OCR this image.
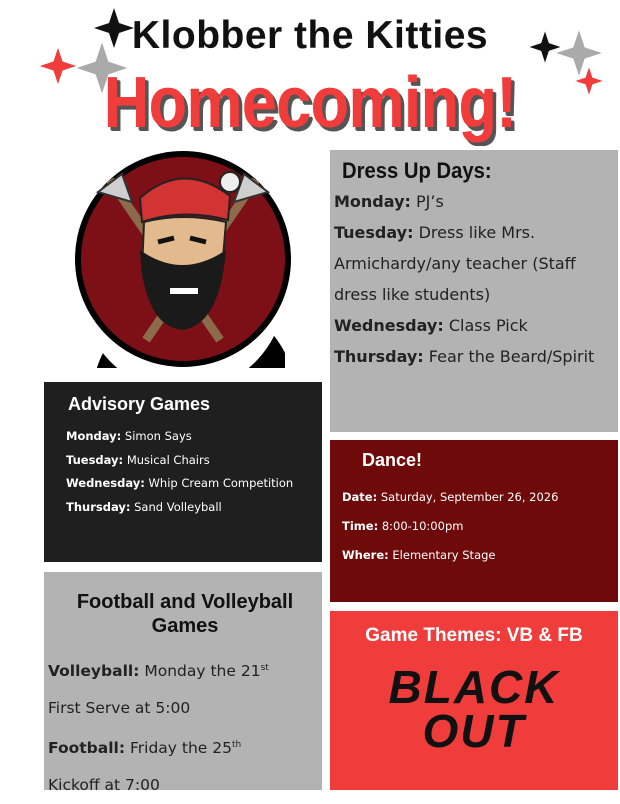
Klobber the Kitties
Homecoming!
Dress Up Days:
Monday: PJ’s
Tuesday: Dress like Mrs. Armichardy/any teacher (Staff dress like students)
Wednesday: Class Pick
Thursday: Fear the Beard/Spirit
Advisory Games
Monday: Simon Says
Tuesday: Musical Chairs
Wednesday: Whip Cream Competition
Thursday: Sand Volleyball
Dance!
Date: Saturday, September 26, 2026
Time: 8:00-10:00pm
Where: Elementary Stage
Football and Volleyball Games
Volleyball: Monday the 21st
First Serve at 5:00
Football: Friday the 25th
Kickoff at 7:00
Game Themes: VB & FB
BLACK
OUT
